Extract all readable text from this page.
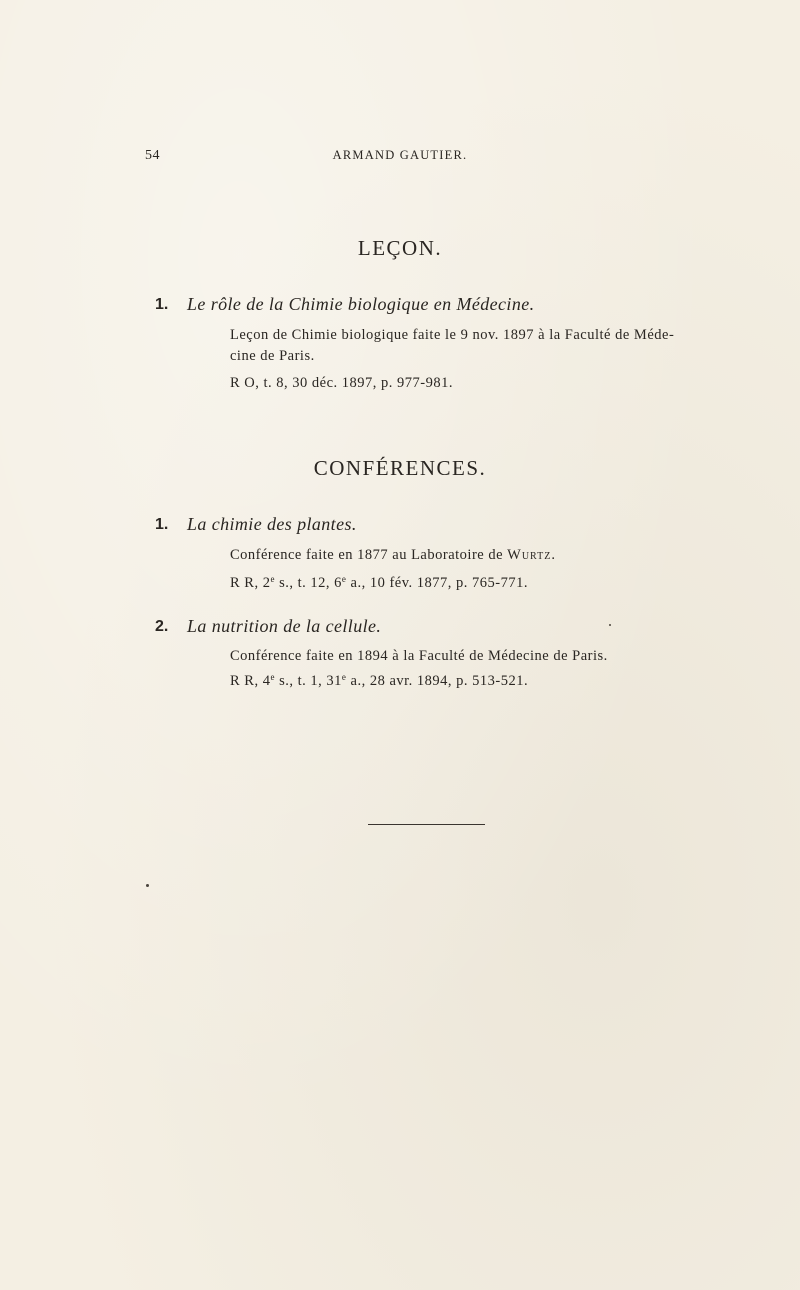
54	ARMAND GAUTIER.
LEÇON.
1. Le rôle de la Chimie biologique en Médecine.
Leçon de Chimie biologique faite le 9 nov. 1897 à la Faculté de Méde-
cine de Paris.
R O, t. 8, 30 déc. 1897, p. 977-981.
CONFÉRENCES.
1. La chimie des plantes.
Conférence faite en 1877 au Laboratoire de Wurtz.
R R, 2e s., t. 12, 6e a., 10 fév. 1877, p. 765-771.
2. La nutrition de la cellule.
Conférence faite en 1894 à la Faculté de Médecine de Paris.
R R, 4e s., t. 1, 31e a., 28 avr. 1894, p. 513-521.
